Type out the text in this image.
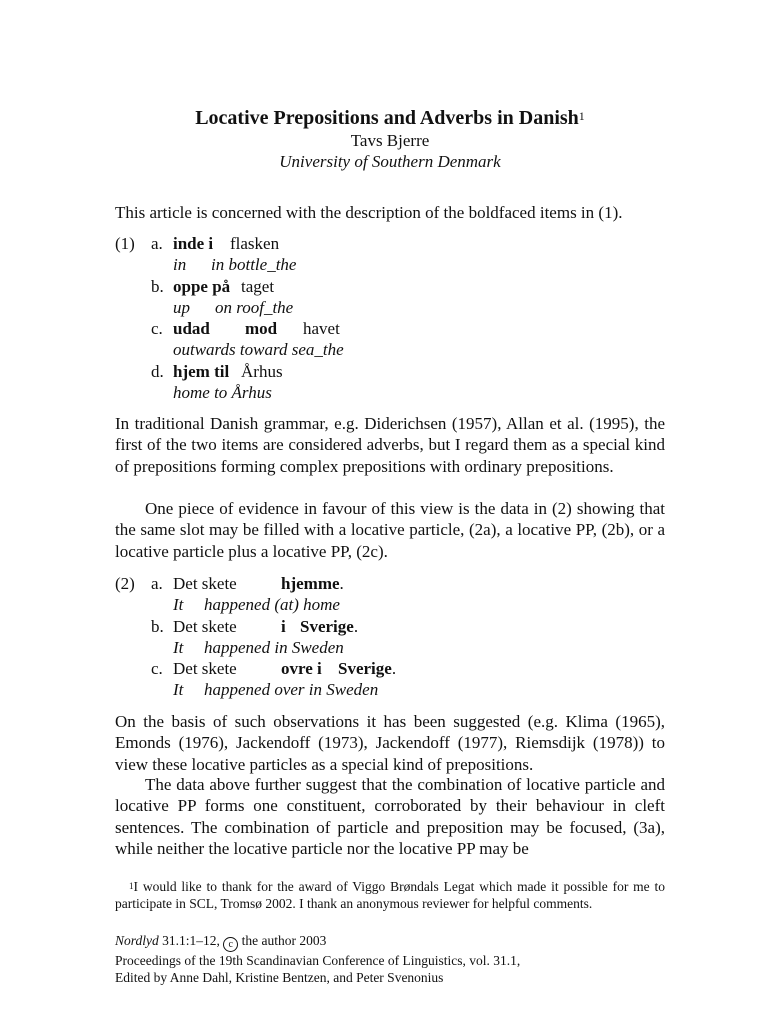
Locative Prepositions and Adverbs in Danish$^1$
Tavs Bjerre
University of Southern Denmark
This article is concerned with the description of the boldfaced items in (1).
(1) a. inde i flasken
in in bottle_the
b. oppe på taget
up on roof_the
c. udad mod havet
outwards toward sea_the
d. hjem til Århus
home to Århus
In traditional Danish grammar, e.g. Diderichsen (1957), Allan et al. (1995), the first of the two items are considered adverbs, but I regard them as a special kind of prepositions forming complex prepositions with ordinary prepositions.
One piece of evidence in favour of this view is the data in (2) showing that the same slot may be filled with a locative particle, (2a), a locative PP, (2b), or a locative particle plus a locative PP, (2c).
(2) a. Det skete	hjemme.
It happened (at) home
b. Det skete	i Sverige.
It happened in Sweden
c. Det skete	ovre i Sverige.
It happened over in Sweden
On the basis of such observations it has been suggested (e.g. Klima (1965), Emonds (1976), Jackendoff (1973), Jackendoff (1977), Riemsdijk (1978)) to view these locative particles as a special kind of prepositions.
The data above further suggest that the combination of locative particle and locative PP forms one constituent, corroborated by their behaviour in cleft sentences. The combination of particle and preposition may be focused, (3a), while neither the locative particle nor the locative PP may be
$^1$I would like to thank for the award of Viggo Brøndals Legat which made it possible for me to participate in SCL, Tromsø 2002. I thank an anonymous reviewer for helpful comments.
Nordlyd 31.1:1–12, c the author 2003
Proceedings of the 19th Scandinavian Conference of Linguistics, vol. 31.1,
Edited by Anne Dahl, Kristine Bentzen, and Peter Svenonius
